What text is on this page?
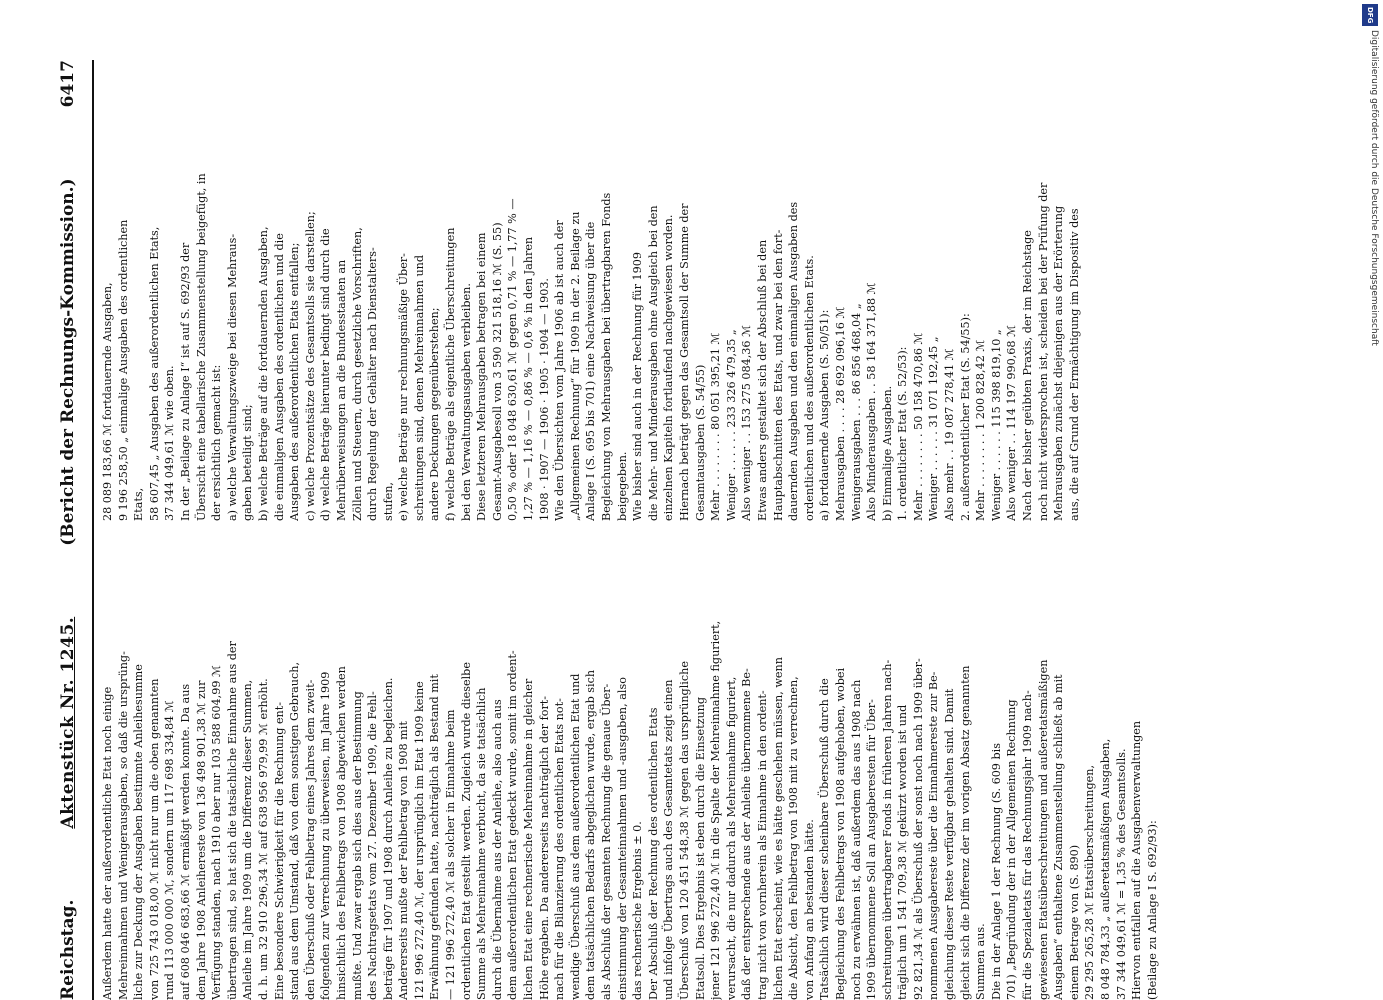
Reichstag.
Aktenstück Nr. 1245.
(Bericht der Rechnungs-Kommission.)
6417
Außerdem hatte der außerordentliche Etat noch einige Mehreinnahmen und Wenigerausgaben, so daß die ursprüng- liche zur Deckung der Ausgaben bestimmte Anleihesumme von 725 743 018,00 ℳ nicht nur um die oben genannten rund 113 000 000 ℳ, sondern um 117 698 334,84 ℳ auf 608 046 683,66 ℳ ermäßigt werden konnte. Da aus dem Jahre 1908 Anleihereste von 136 498 901,38 ℳ zur Verfügung standen, nach 1910 aber nur 103 588 604,99 ℳ übertragen sind, so hat sich die tatsächliche Einnahme aus der Anleihe im Jahre 1909 um die Differenz dieser Summen, d. h. um 32 910 296,34 ℳ auf 638 956 979,99 ℳ erhöht. Eine besondere Schwierigkeit für die Rechnung ent- stand aus dem Umstand, daß von dem sonstigen Gebrauch, den Überschuß oder Fehlbetrag eines Jahres dem zweit- folgenden zur Verrechnung zu überweisen, im Jahre 1909 hinsichtlich des Fehlbetrags von 1908 abgewichen werden mußte. Und zwar ergab sich dies aus der Bestimmung des Nachtragsetats vom 27. Dezember 1909, die Fehl- beträge für 1907 und 1908 durch Anleihe zu begleichen. Andererseits mußte der Fehlbetrag von 1908 mit 121 996 272,40 ℳ, der ursprünglich im Etat 1909 keine Erwähnung gefunden hatte, nachträglich als Bestand mit — 121 996 272,40 ℳ als solcher in Einnahme beim ordentlichen Etat gestellt werden. Zugleich wurde dieselbe Summe als Mehreinnahme verbucht, da sie tatsächlich durch die Übernahme aus der Anleihe, also auch aus dem außerordentlichen Etat gedeckt wurde, somit im ordent- lichen Etat eine rechnerische Mehreinnahme in gleicher Höhe ergaben. Da andererseits nachträglich der fort- nach für die Bilanzierung des ordentlichen Etats not- wendige Überschuß aus dem außerordentlichen Etat und dem tatsächlichen Bedarfs abgeglichen wurde, ergab sich als Abschluß der gesamten Rechnung die genaue Über- einstimmung der Gesamteinnahmen und -ausgaben, also das rechnerische Ergebnis ± 0. Der Abschluß der Rechnung des ordentlichen Etats und infolge Übertrags auch des Gesamtetats zeigt einen Überschuß von 120 451 548,38 ℳ gegen das ursprüngliche Etatsoll. Dies Ergebnis ist eben durch die Einsetzung jener 121 996 272,40 ℳ in die Spalte der Mehreinnahme figuriert, verursacht, die nur dadurch als Mehreinnahme figuriert, daß der entsprechende aus der Anleihe übernommene Be- trag nicht von vornherein als Einnahme in den ordent- lichen Etat erscheint, wie es hätte geschehen müssen, wenn die Absicht, den Fehlbetrag von 1908 mit zu verrechnen, von Anfang an bestanden hätte. Tatsächlich wird dieser scheinbare Überschuß durch die Begleichung des Fehlbetrags von 1908 aufgehoben, wobei noch zu erwähnen ist, daß außerdem das aus 1908 nach 1909 übernommene Soll an Ausgaberesten für Über- schreitungen übertragbarer Fonds in früheren Jahren nach- träglich um 1 541 709,38 ℳ gekürzt worden ist und 92 821,34 ℳ als Überschuß der sonst noch nach 1909 über- nommenen Ausgabereste über die Einnahmereste zur Be- gleichung dieser Reste verfügbar gehalten sind. Damit gleicht sich die Differenz der im vorigen Absatz genannten Summen aus. Die in der Anlage 1 der Rechnung (S. 609 bis 701) „Begründung der in der Allgemeinen Rechnung für die Spezialetats für das Rechnungsjahr 1909 nach- gewiesenen Etatsüberschreitungen und außeretatsmäßigen Ausgaben“ enthaltene Zusammenstellung schließt ab mit einem Betrage von (S. 890) 29 295 265,28 ℳ Etatsüberschreitungen, 8 048 784,33 „ außeretatsmäßigen Ausgaben, 37 344 049,61 ℳ = 1,35 % des Gesamtsolls. Hiervon entfallen auf die Ausgabenverwaltungen (Beilage zu Anlage I S. 692/93):
28 089 183,66 ℳ fortdauernde Ausgaben, 9 196 258,50 „ einmalige Ausgaben des ordentlichen Etats, 58 607,45 „ Ausgaben des außerordentlichen Etats, 37 344 049,61 ℳ wie oben. In der „Beilage zu Anlage I“ ist auf S. 692/93 der Übersicht eine tabellarische Zusammenstellung beigefügt, in der ersichtlich gemacht ist: a) welche Verwaltungszweige bei diesen Mehraus- gaben beteiligt sind; b) welche Beträge auf die fortdauernden Ausgaben, die einmaligen Ausgaben des ordentlichen und die Ausgaben des außerordentlichen Etats entfallen; c) welche Prozentsätze des Gesamtsolls sie darstellen; d) welche Beträge hierunter bedingt sind durch die Mehrüberweisungen an die Bundesstaaten an Zöllen und Steuern, durch gesetzliche Vorschriften, durch Regelung der Gehälter nach Dienstalters- stufen, e) welche Beträge nur rechnungsmäßige Über- schreitungen sind, denen Mehreinnahmen und andere Deckungen gegenüberstehen; f) welche Beträge als eigentliche Überschreitungen bei den Verwaltungsausgaben verbleiben. Diese letzteren Mehrausgaben betragen bei einem Gesamt-Ausgabesoll von 3 590 321 518,16 ℳ (S. 55) 0,50 % oder 18 048 630,61 ℳ gegen 0,71 % — 1,77 % — 1,27 % — 1,16 % — 0,86 % — 0,6 % in den Jahren 1908 · 1907 — 1906 · 1905 · 1904 — 1903. Wie den Übersichten vom Jahre 1906 ab ist auch der „Allgemeinen Rechnung“ für 1909 in der 2. Beilage zu Anlage I (S. 695 bis 701) eine Nachweisung über die Begleichung von Mehrausgaben bei übertragbaren Fonds beigegeben. Wie bisher sind auch in der Rechnung für 1909 die Mehr- und Minderausgaben ohne Ausgleich bei den einzelnen Kapiteln fortlaufend nachgewiesen worden. Hiernach beträgt gegen das Gesamtsoll der Summe der Gesamtausgaben (S. 54/55) Mehr . . . . . . . . 80 051 395,21 ℳ Weniger . . . . . . 233 326 479,35 „ Also weniger . . 153 275 084,36 ℳ Etwas anders gestaltet sich der Abschluß bei den Hauptabschnitten des Etats, und zwar bei den fort- dauernden Ausgaben und den einmaligen Ausgaben des ordentlichen und des außerordentlichen Etats. a) fortdauernde Ausgaben (S. 50/51): Mehrausgaben . . . . 28 692 096,16 ℳ Wenigerausgaben . . . 86 856 468,04 „ Also Minderausgaben . . 58 164 371,88 ℳ b) Einmalige Ausgaben. 1. ordentlicher Etat (S. 52/53): Mehr . . . . . . . . 50 158 470,86 ℳ Weniger . . . . . . 31 071 192,45 „ Also mehr . . 19 087 278,41 ℳ 2. außerordentlicher Etat (S. 54/55): Mehr . . . . . . . . 1 200 828,42 ℳ Weniger . . . . . . 115 398 819,10 „ Also weniger . . 114 197 990,68 ℳ Nach der bisher geübten Praxis, der im Reichstage noch nicht widersprochen ist, scheiden bei der Prüfung der Mehrausgaben zunächst diejenigen aus der Erörterung aus, die auf Grund der Ermächtigung im Dispositiv des
DFG
Digitalisierung gefördert durch die Deutsche Forschungsgemeinschaft
